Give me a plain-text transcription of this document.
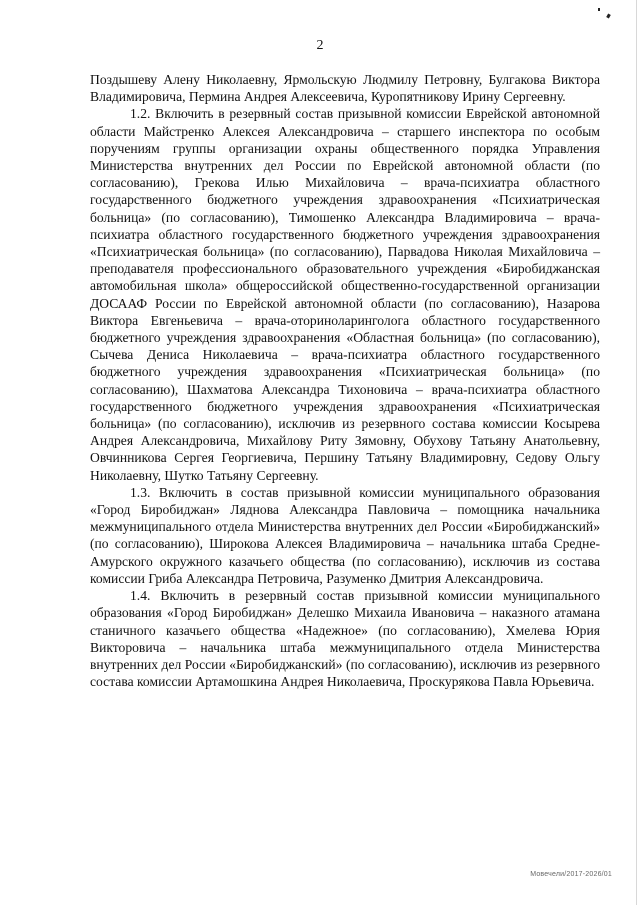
2

Поздышеву Алену Николаевну, Ярмольскую Людмилу Петровну, Булгакова Виктора Владимировича, Пермина Андрея Алексеевича, Куропятникову Ирину Сергеевну.

1.2. Включить в резервный состав призывной комиссии Еврейской автономной области Майстренко Алексея Александровича – старшего инспектора по особым поручениям группы организации охраны общественного порядка Управления Министерства внутренних дел России по Еврейской автономной области (по согласованию), Грекова Илью Михайловича – врача-психиатра областного государственного бюджетного учреждения здравоохранения «Психиатрическая больница» (по согласованию), Тимошенко Александра Владимировича – врача-психиатра областного государственного бюджетного учреждения здравоохранения «Психиатрическая больница» (по согласованию), Парвадова Николая Михайловича – преподавателя профессионального образовательного учреждения «Биробиджанская автомобильная школа» общероссийской общественно-государственной организации ДОСААФ России по Еврейской автономной области (по согласованию), Назарова Виктора Евгеньевича – врача-оториноларинголога областного государственного бюджетного учреждения здравоохранения «Областная больница» (по согласованию), Сычева Дениса Николаевича – врача-психиатра областного государственного бюджетного учреждения здравоохранения «Психиатрическая больница» (по согласованию), Шахматова Александра Тихоновича – врача-психиатра областного государственного бюджетного учреждения здравоохранения «Психиатрическая больница» (по согласованию), исключив из резервного состава комиссии Косырева Андрея Александровича, Михайлову Риту Зямовну, Обухову Татьяну Анатольевну, Овчинникова Сергея Георгиевича, Першину Татьяну Владимировну, Седову Ольгу Николаевну, Шутко Татьяну Сергеевну.

1.3. Включить в состав призывной комиссии муниципального образования «Город Биробиджан» Ляднова Александра Павловича – помощника начальника межмуниципального отдела Министерства внутренних дел России «Биробиджанский» (по согласованию), Широкова Алексея Владимировича – начальника штаба Средне-Амурского окружного казачьего общества (по согласованию), исключив из состава комиссии Гриба Александра Петровича, Разуменко Дмитрия Александровича.

1.4. Включить в резервный состав призывной комиссии муниципального образования «Город Биробиджан» Делешко Михаила Ивановича – наказного атамана станичного казачьего общества «Надежное» (по согласованию), Хмелева Юрия Викторовича – начальника штаба межмуниципального отдела Министерства внутренних дел России «Биробиджанский» (по согласованию), исключив из резервного состава комиссии Артамошкина Андрея Николаевича, Проскурякова Павла Юрьевича.

Мовечели/2017-2026/01
